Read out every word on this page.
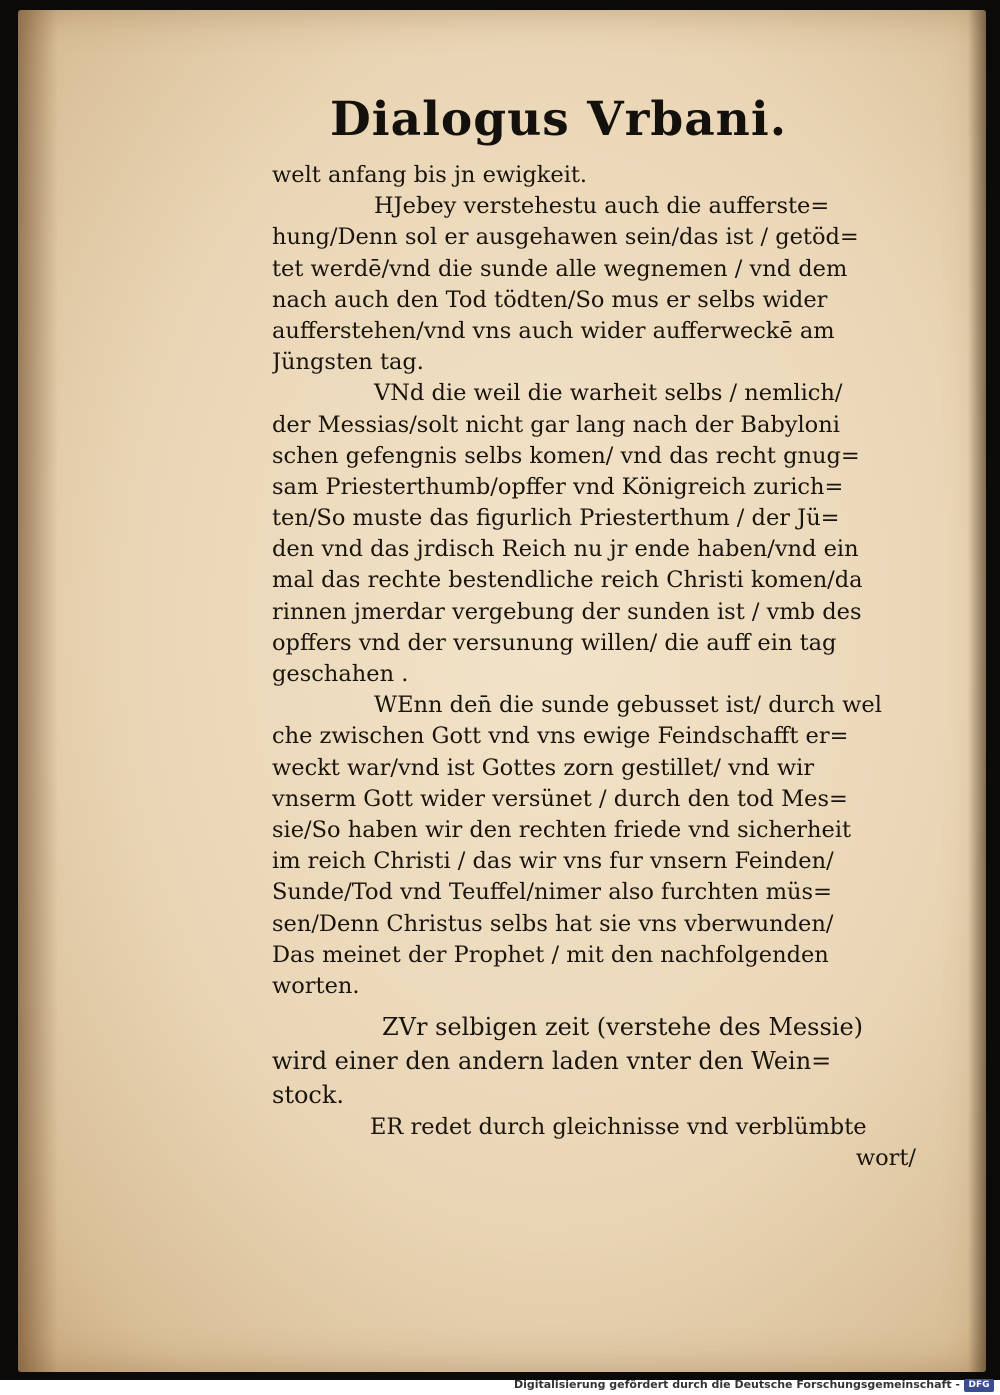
Dialogus Vrbani.
welt anfang bis jn ewigkeit.
HJebey verstehestu auch die aufferste=
hung/Denn sol er ausgehawen sein/das ist / getöd=
tet werdē/vnd die sunde alle wegnemen / vnd dem
nach auch den Tod tödten/So mus er selbs wider
aufferstehen/vnd vns auch wider aufferweckē am
Jüngsten tag.
VNd die weil die warheit selbs / nemlich/
der Messias/solt nicht gar lang nach der Babyloni
schen gefengnis selbs komen/ vnd das recht gnug=
sam Priesterthumb/opffer vnd Königreich zurich=
ten/So muste das figurlich Priesterthum / der Jü=
den vnd das jrdisch Reich nu jr ende haben/vnd ein
mal das rechte bestendliche reich Christi komen/da
rinnen jmerdar vergebung der sunden ist / vmb des
opffers vnd der versunung willen/ die auff ein tag
geschahen .
WEnn den̄ die sunde gebusset ist/ durch wel
che zwischen Gott vnd vns ewige Feindschafft er=
weckt war/vnd ist Gottes zorn gestillet/ vnd wir
vnserm Gott wider versünet / durch den tod Mes=
sie/So haben wir den rechten friede vnd sicherheit
im reich Christi / das wir vns fur vnsern Feinden/
Sunde/Tod vnd Teuffel/nimer also furchten müs=
sen/Denn Christus selbs hat sie vns vberwunden/
Das meinet der Prophet / mit den nachfolgenden
worten.
ZVr selbigen zeit (verstehe des Messie)
wird einer den andern laden vnter den Wein=
stock.
ER redet durch gleichnisse vnd verblümbte
wort/
Digitalisierung gefördert durch die Deutsche Forschungsgemeinschaft - DFG
